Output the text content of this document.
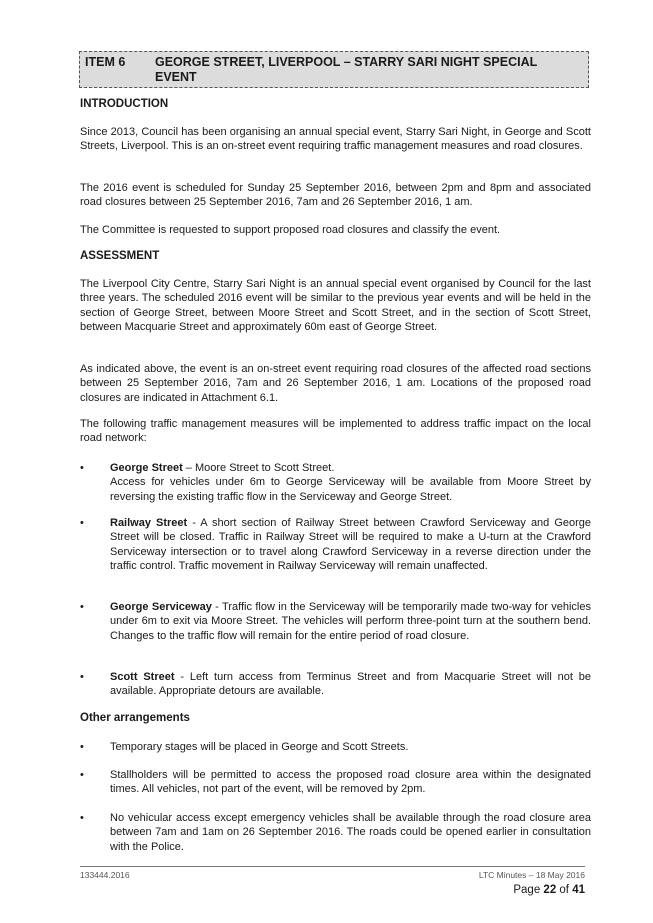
ITEM 6 GEORGE STREET, LIVERPOOL – STARRY SARI NIGHT SPECIAL EVENT
INTRODUCTION

Since 2013, Council has been organising an annual special event, Starry Sari Night, in George and Scott Streets, Liverpool. This is an on-street event requiring traffic management measures and road closures.

The 2016 event is scheduled for Sunday 25 September 2016, between 2pm and 8pm and associated road closures between 25 September 2016, 7am and 26 September 2016, 1 am.

The Committee is requested to support proposed road closures and classify the event.

ASSESSMENT

The Liverpool City Centre, Starry Sari Night is an annual special event organised by Council for the last three years. The scheduled 2016 event will be similar to the previous year events and will be held in the section of George Street, between Moore Street and Scott Street, and in the section of Scott Street, between Macquarie Street and approximately 60m east of George Street.

As indicated above, the event is an on-street event requiring road closures of the affected road sections between 25 September 2016, 7am and 26 September 2016, 1 am. Locations of the proposed road closures are indicated in Attachment 6.1.

The following traffic management measures will be implemented to address traffic impact on the local road network:

• George Street – Moore Street to Scott Street.
Access for vehicles under 6m to George Serviceway will be available from Moore Street by reversing the existing traffic flow in the Serviceway and George Street.

• Railway Street - A short section of Railway Street between Crawford Serviceway and George Street will be closed. Traffic in Railway Street will be required to make a U-turn at the Crawford Serviceway intersection or to travel along Crawford Serviceway in a reverse direction under the traffic control. Traffic movement in Railway Serviceway will remain unaffected.

• George Serviceway - Traffic flow in the Serviceway will be temporarily made two-way for vehicles under 6m to exit via Moore Street. The vehicles will perform three-point turn at the southern bend. Changes to the traffic flow will remain for the entire period of road closure.

• Scott Street - Left turn access from Terminus Street and from Macquarie Street will not be available. Appropriate detours are available.

Other arrangements
• Temporary stages will be placed in George and Scott Streets.

• Stallholders will be permitted to access the proposed road closure area within the designated times. All vehicles, not part of the event, will be removed by 2pm.

• No vehicular access except emergency vehicles shall be available through the road closure area between 7am and 1am on 26 September 2016. The roads could be opened earlier in consultation with the Police.

133444.2016	LTC Minutes – 18 May 2016
Page 22 of 41
